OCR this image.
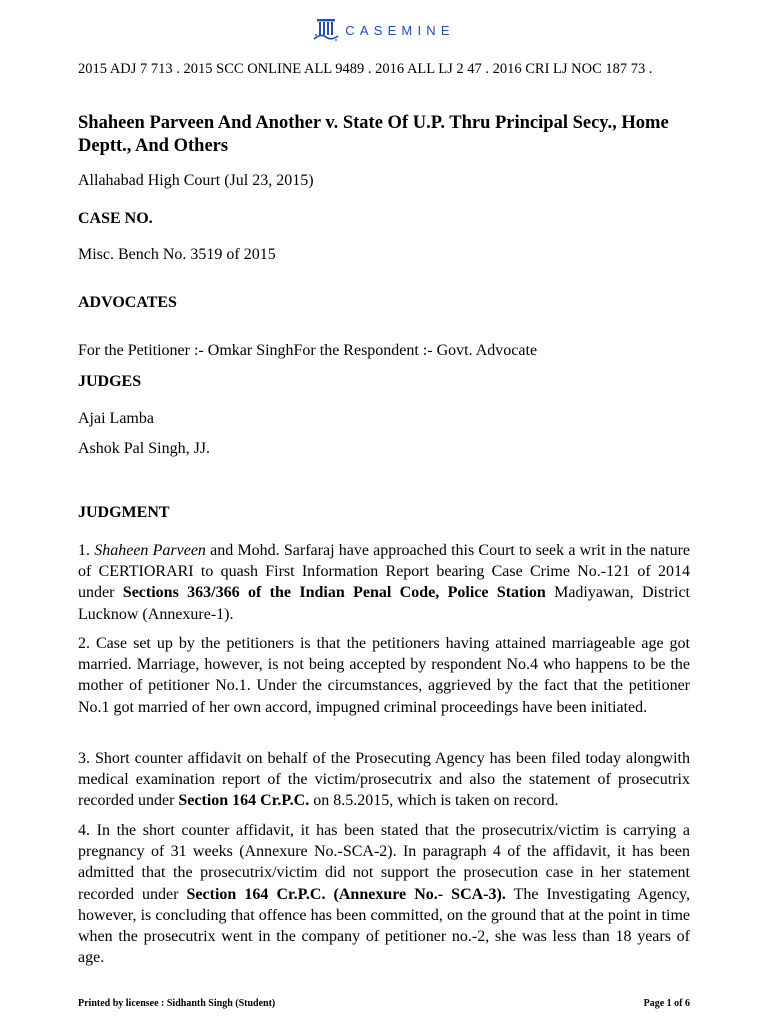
CASEMINE
2015 ADJ 7 713 . 2015 SCC ONLINE ALL 9489 . 2016 ALL LJ 2 47 . 2016 CRI LJ NOC 187 73 .
Shaheen Parveen And Another v. State Of U.P. Thru Principal Secy., Home Deptt., And Others
Allahabad High Court (Jul 23, 2015)
CASE NO.
Misc. Bench No. 3519 of 2015
ADVOCATES
For the Petitioner :- Omkar SinghFor the Respondent :- Govt. Advocate
JUDGES
Ajai Lamba
Ashok Pal Singh, JJ.
JUDGMENT
1. Shaheen Parveen and Mohd. Sarfaraj have approached this Court to seek a writ in the nature of CERTIORARI to quash First Information Report bearing Case Crime No.-121 of 2014 under Sections 363/366 of the Indian Penal Code, Police Station Madiyawan, District Lucknow (Annexure-1).
2. Case set up by the petitioners is that the petitioners having attained marriageable age got married. Marriage, however, is not being accepted by respondent No.4 who happens to be the mother of petitioner No.1. Under the circumstances, aggrieved by the fact that the petitioner No.1 got married of her own accord, impugned criminal proceedings have been initiated.
3. Short counter affidavit on behalf of the Prosecuting Agency has been filed today alongwith medical examination report of the victim/prosecutrix and also the statement of prosecutrix recorded under Section 164 Cr.P.C. on 8.5.2015, which is taken on record.
4. In the short counter affidavit, it has been stated that the prosecutrix/victim is carrying a pregnancy of 31 weeks (Annexure No.-SCA-2). In paragraph 4 of the affidavit, it has been admitted that the prosecutrix/victim did not support the prosecution case in her statement recorded under Section 164 Cr.P.C. (Annexure No.- SCA-3). The Investigating Agency, however, is concluding that offence has been committed, on the ground that at the point in time when the prosecutrix went in the company of petitioner no.-2, she was less than 18 years of age.
Printed by licensee : Sidhanth Singh (Student)	Page 1 of 6
